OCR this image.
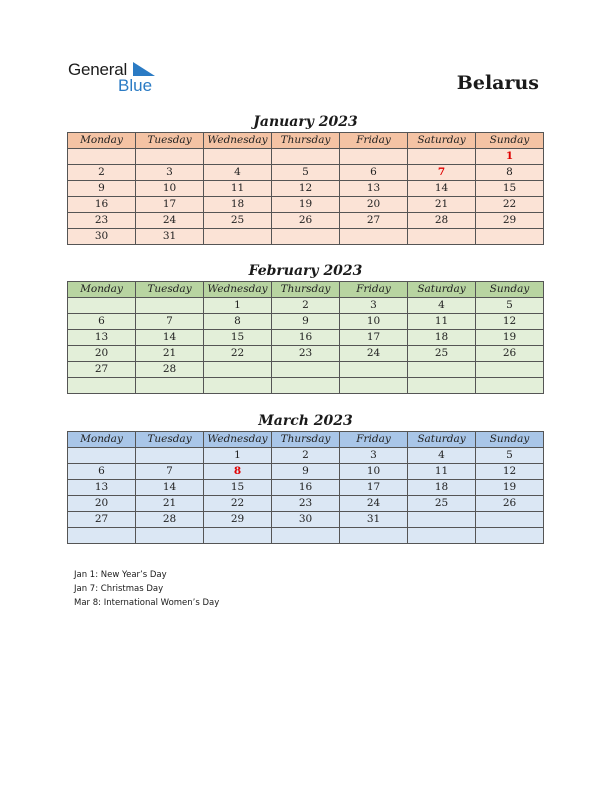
General
Blue	Belarus
January 2023
Monday	Tuesday	Wednesday	Thursday	Friday	Saturday	Sunday
						1
2	3	4	5	6	7	8
9	10	11	12	13	14	15
16	17	18	19	20	21	22
23	24	25	26	27	28	29
30	31					
February 2023
Monday	Tuesday	Wednesday	Thursday	Friday	Saturday	Sunday
		1	2	3	4	5
6	7	8	9	10	11	12
13	14	15	16	17	18	19
20	21	22	23	24	25	26
27	28					

March 2023
Monday	Tuesday	Wednesday	Thursday	Friday	Saturday	Sunday
		1	2	3	4	5
6	7	8	9	10	11	12
13	14	15	16	17	18	19
20	21	22	23	24	25	26
27	28	29	30	31		

Jan 1: New Year’s Day
Jan 7: Christmas Day
Mar 8: International Women’s Day
